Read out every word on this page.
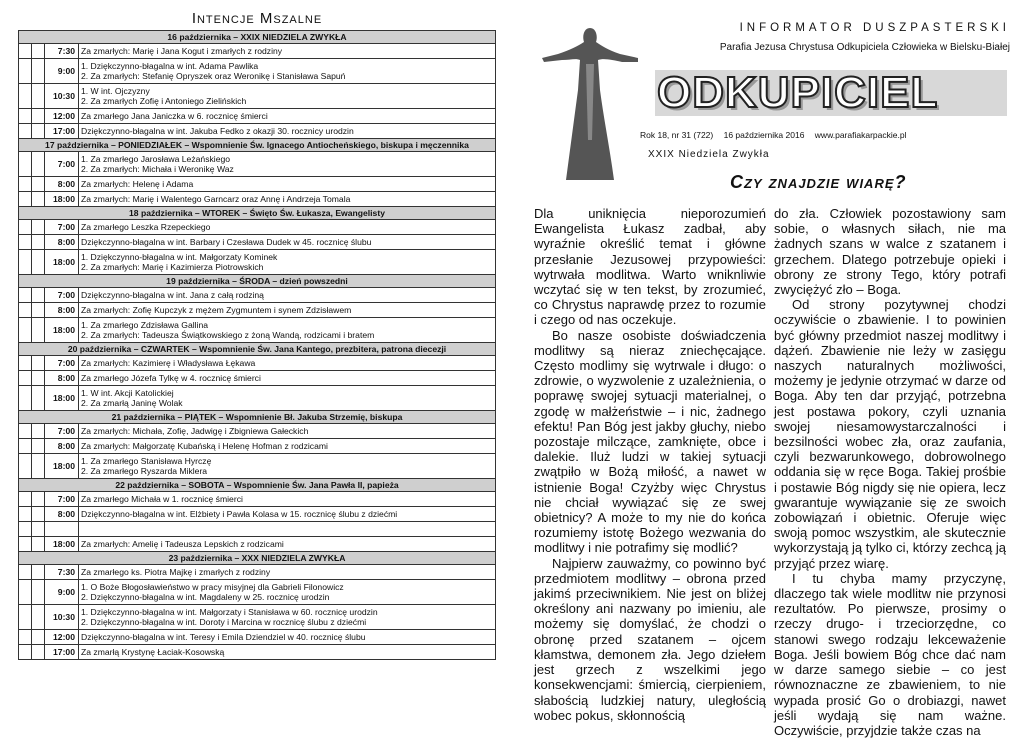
Intencje Mszalne
16 października – XXIX NIEDZIELA ZWYKŁA			
		7:30	Za zmarłych: Marię i Jana Kogut i zmarłych z rodziny

		9:00	1. Dziękczynno-błagalna w int. Adama Pawlika
2. Za zmarłych: Stefanię Opryszek oraz Weronikę i Stanisława Sapuń

		10:30	1. W int. Ojczyzny
2. Za zmarłych Zofię i Antoniego Zielińskich

		12:00	Za zmarłego Jana Janiczka w 6. rocznicę śmierci

		17:00	Dziękczynno-błagalna w int. Jakuba Fedko z okazji 30. rocznicy urodzin

17 października – PONIEDZIAŁEK – Wspomnienie Św. Ignacego Antiocheńskiego, biskupa i męczennika			
		7:00	1. Za zmarłego Jarosława Leżańskiego
2. Za zmarłych: Michała i Weronikę Waz

		8:00	Za zmarłych: Helenę i Adama

		18:00	Za zmarłych: Marię i Walentego Garncarz oraz Annę i Andrzeja Tomala

18 października – WTOREK – Święto Św. Łukasza, Ewangelisty			
		7:00	Za zmarłego Leszka Rzepeckiego

		8:00	Dziękczynno-błagalna w int. Barbary i Czesława Dudek w 45. rocznicę ślubu

		18:00	1. Dziękczynno-błagalna w int. Małgorzaty Kominek
2. Za zmarłych: Marię i Kazimierza Piotrowskich

19 października – ŚRODA – dzień powszedni			
		7:00	Dziękczynno-błagalna w int. Jana z całą rodziną

		8:00	Za zmarłych: Zofię Kupczyk z mężem Zygmuntem i synem Zdzisławem

		18:00	1. Za zmarłego Zdzisława Gallina
2. Za zmarłych: Tadeusza Świątkowskiego z żoną Wandą, rodzicami i bratem

20 października – CZWARTEK – Wspomnienie Św. Jana Kantego, prezbitera, patrona diecezji			
		7:00	Za zmarłych: Kazimierę i Władysława Łękawa

		8:00	Za zmarłego Józefa Tylkę w 4. rocznicę śmierci

		18:00	1. W int. Akcji Katolickiej
2. Za zmarłą Janinę Wolak

21 października – PIĄTEK – Wspomnienie Bł. Jakuba Strzemię, biskupa			
		7:00	Za zmarłych: Michała, Zofię, Jadwigę i Zbigniewa Gałeckich

		8:00	Za zmarłych: Małgorzatę Kubańską i Helenę Hofman z rodzicami

		18:00	1. Za zmarłego Stanisława Hyrczę
2. Za zmarłego Ryszarda Miklera

22 października – SOBOTA – Wspomnienie Św. Jana Pawła II, papieża			
		7:00	Za zmarłego Michała w 1. rocznicę śmierci

		8:00	Dziękczynno-błagalna w int. Elżbiety i Pawła Kolasa w 15. rocznicę ślubu z dziećmi

		18:00	Za zmarłych: Amelię i Tadeusza Lepskich z rodzicami

23 października – XXX NIEDZIELA ZWYKŁA			
		7:30	Za zmarłego ks. Piotra Majkę i zmarłych z rodziny

		9:00	1. O Boże Błogosławieństwo w pracy misyjnej dla Gabrieli Filonowicz
2. Dziękczynno-błagalna w int. Magdaleny w 25. rocznicę urodzin

		10:30	1. Dziękczynno-błagalna w int. Małgorzaty i Stanisława w 60. rocznicę urodzin
2. Dziękczynno-błagalna w int. Doroty i Marcina w rocznicę ślubu z dziećmi

		12:00	Dziękczynno-błagalna w int. Teresy i Emila Dziendziel w 40. rocznicę ślubu

		17:00	Za zmarłą Krystynę Łaciak-Kosowską
INFORMATOR DUSZPASTERSKI
Parafia Jezusa Chrystusa Odkupiciela Człowieka w Bielsku-Białej
ODKUPICIEL
Rok 18, nr 31 (722) 16 października 2016 www.parafiakarpackie.pl
XXIX Niedziela Zwykła
Czy znajdzie wiarę?

Dla uniknięcia nieporozumień Ewangelista Łukasz zadbał, aby wyraźnie określić temat i główne przesłanie Jezusowej przypowieści: wytrwała modlitwa. Warto wniknliwie wczytać się w ten tekst, by zrozumieć, co Chrystus naprawdę przez to rozumie i czego od nas oczekuje.

Bo nasze osobiste doświadczenia modlitwy są nieraz zniechęcające. Często modlimy się wytrwale i długo: o zdrowie, o wyzwolenie z uzależnienia, o poprawę swojej sytuacji materialnej, o zgodę w małżeństwie – i nic, żadnego efektu! Pan Bóg jest jakby głuchy, niebo pozostaje milczące, zamknięte, obce i dalekie. Iluż ludzi w takiej sytuacji zwątpiło w Bożą miłość, a nawet w istnienie Boga! Czyżby więc Chrystus nie chciał wywiązać się ze swej obietnicy? A może to my nie do końca rozumiemy istotę Bożego wezwania do modlitwy i nie potrafimy się modlić?

Najpierw zauważmy, co powinno być przedmiotem modlitwy – obrona przed jakimś przeciwnikiem. Nie jest on bliżej określony ani nazwany po imieniu, ale możemy się domyślać, że chodzi o obronę przed szatanem – ojcem kłamstwa, demonem zła. Jego dziełem jest grzech z wszelkimi jego konsekwencjami: śmiercią, cierpieniem, słabością ludzkiej natury, uległością wobec pokus, skłonnością

do zła. Człowiek pozostawiony sam sobie, o własnych siłach, nie ma żadnych szans w walce z szatanem i grzechem. Dlatego potrzebuje opieki i obrony ze strony Tego, który potrafi zwyciężyć zło – Boga.

Od strony pozytywnej chodzi oczywiście o zbawienie. I to powinien być główny przedmiot naszej modlitwy i dążeń. Zbawienie nie leży w zasięgu naszych naturalnych możliwości, możemy je jedynie otrzymać w darze od Boga. Aby ten dar przyjąć, potrzebna jest postawa pokory, czyli uznania swojej niesamowystarczalności i bezsilności wobec zła, oraz zaufania, czyli bezwarunkowego, dobrowolnego oddania się w ręce Boga. Takiej prośbie i postawie Bóg nigdy się nie opiera, lecz gwarantuje wywiązanie się ze swoich zobowiązań i obietnic. Oferuje więc swoją pomoc wszystkim, ale skutecznie wykorzystają ją tylko ci, którzy zechcą ją przyjąć przez wiarę.

I tu chyba mamy przyczynę, dlaczego tak wiele modlitw nie przynosi rezultatów. Po pierwsze, prosimy o rzeczy drugo- i trzeciorzędne, co stanowi swego rodzaju lekceważenie Boga. Jeśli bowiem Bóg chce dać nam w darze samego siebie – co jest równoznaczne ze zbawieniem, to nie wypada prosić Go o drobiazgi, nawet jeśli wydają się nam ważne. Oczywiście, przyjdzie także czas na
